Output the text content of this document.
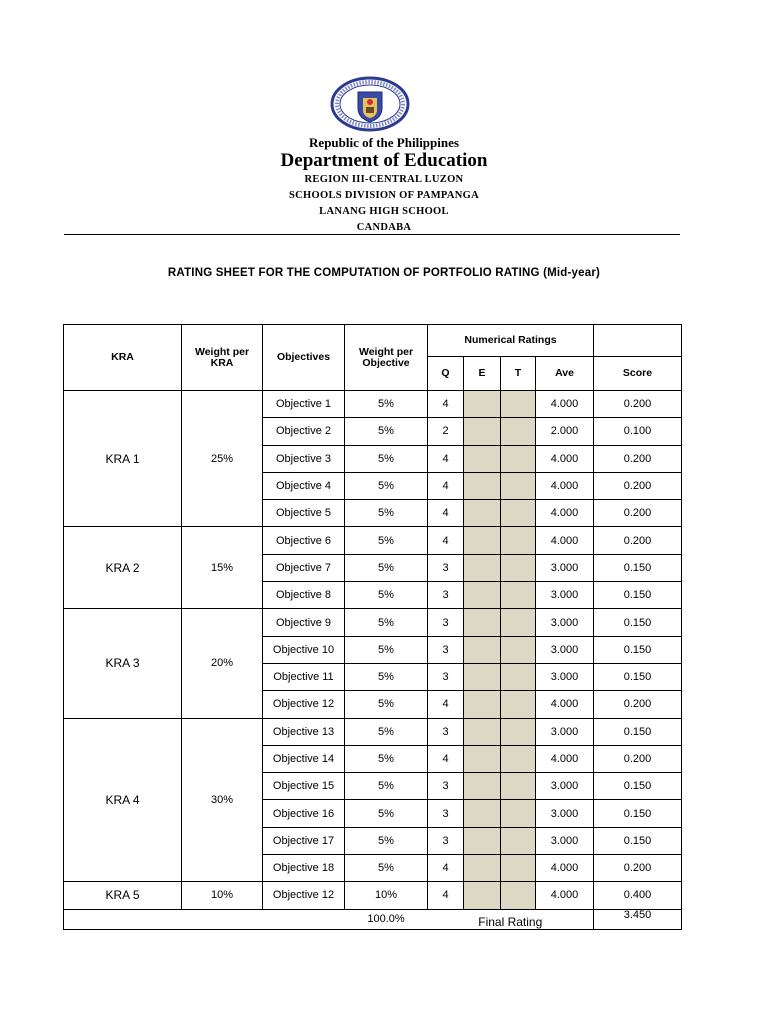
Republic of the Philippines
Department of Education
REGION III-CENTRAL LUZON
SCHOOLS DIVISION OF PAMPANGA
LANANG HIGH SCHOOL
CANDABA
RATING SHEET FOR THE COMPUTATION OF PORTFOLIO RATING (Mid-year)
KRA	Weight per KRA	Objectives	Weight per Objective	Numerical Ratings				
				Q	E	T	Ave	Score
KRA 1	25%	Objective 1	5%	4			4.000	0.200
		Objective 2	5%	2			2.000	0.100
		Objective 3	5%	4			4.000	0.200
		Objective 4	5%	4			4.000	0.200
		Objective 5	5%	4			4.000	0.200
KRA 2	15%	Objective 6	5%	4			4.000	0.200
		Objective 7	5%	3			3.000	0.150
		Objective 8	5%	3			3.000	0.150
KRA 3	20%	Objective 9	5%	3			3.000	0.150
		Objective 10	5%	3			3.000	0.150
		Objective 11	5%	3			3.000	0.150
		Objective 12	5%	4			4.000	0.200
KRA 4	30%	Objective 13	5%	3			3.000	0.150
		Objective 14	5%	4			4.000	0.200
		Objective 15	5%	3			3.000	0.150
		Objective 16	5%	3			3.000	0.150
		Objective 17	5%	3			3.000	0.150
		Objective 18	5%	4			4.000	0.200
KRA 5	10%	Objective 12	10%	4			4.000	0.400
			100.0%	Final Rating				3.450
